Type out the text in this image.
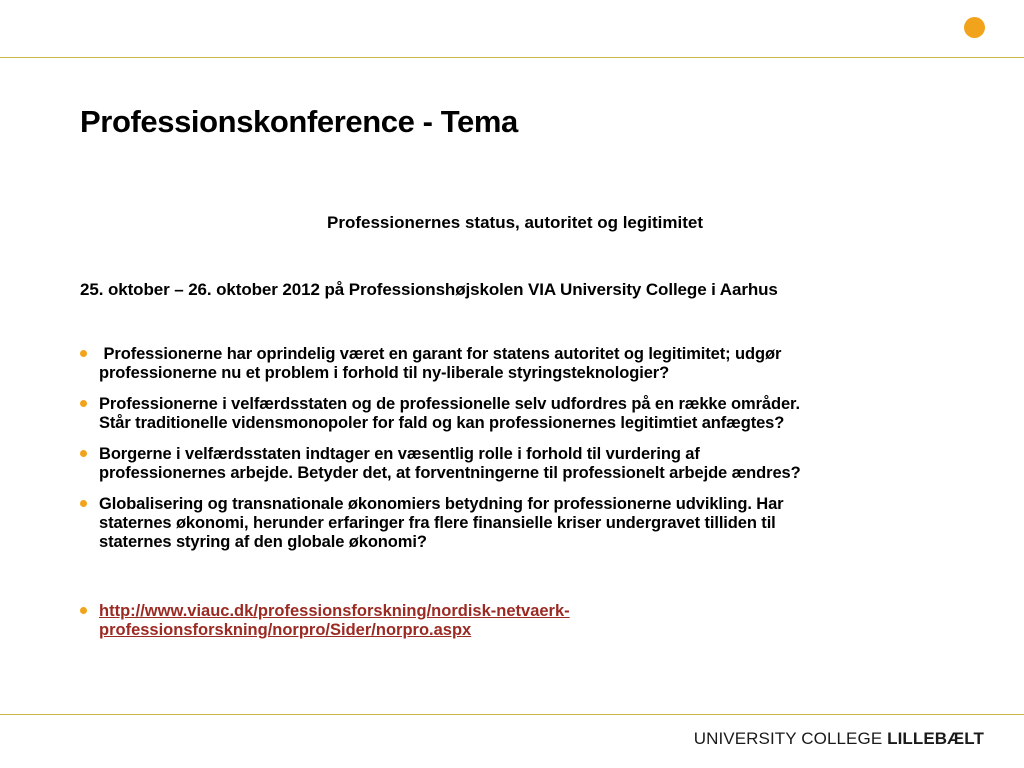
Professionskonference - Tema
Professionernes status, autoritet og legitimitet
25. oktober – 26. oktober 2012 på Professionshøjskolen VIA University College i Aarhus
Professionerne har oprindelig været en garant for statens autoritet og legitimitet; udgør
professionerne nu et problem i forhold til ny-liberale styringsteknologier?
Professionerne i velfærdsstaten og de professionelle selv udfordres på en række områder.
Står traditionelle vidensmonopoler for fald og kan professionernes legitimtiet anfægtes?
Borgerne i velfærdsstaten indtager en væsentlig rolle i forhold til vurdering af
professionernes arbejde. Betyder det, at forventningerne til professionelt arbejde ændres?
Globalisering og transnationale økonomiers betydning for professionerne udvikling. Har
staternes økonomi, herunder erfaringer fra flere finansielle kriser undergravet tilliden til
staternes styring af den globale økonomi?
http://www.viauc.dk/professionsforskning/nordisk-netvaerk-
professionsforskning/norpro/Sider/norpro.aspx
UNIVERSITY COLLEGE LILLEBÆLT
